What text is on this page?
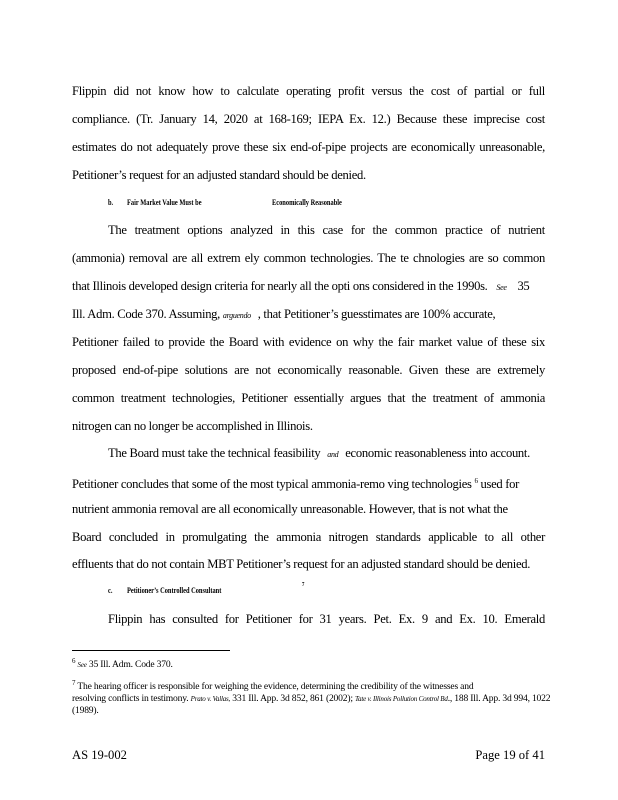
Flippin did not know how to calculate operating profit versus the cost of partial or full
compliance. (Tr. January 14, 2020 at 168-169; IEPA Ex. 12.) Because these imprecise cost
estimates do not adequately prove these six end-of-pipe projects are economically unreasonable,
Petitioner’s request for an adjusted standard should be denied.
b. Fair Market Value Must be	Economically Reasonable
The treatment options analyzed in this case for the common practice of nutrient
(ammonia) removal are all extrem ely common technologies. The te chnologies are so common
that Illinois developed design criteria for nearly all the opti ons considered in the 1990s. See 35
Ill. Adm. Code 370. Assuming, arguendo , that Petitioner’s guesstimates are 100% accurate,
Petitioner failed to provide the Board with evidence on why the fair market value of these six
proposed end-of-pipe solutions are not economically reasonable. Given these are extremely
common treatment technologies, Petitioner essentially argues that the treatment of ammonia
nitrogen can no longer be accomplished in Illinois.
The Board must take the technical feasibility and economic reasonableness into account.
Petitioner concludes that some of the most typical ammonia-remo ving technologies $^6$ used for
nutrient ammonia removal are all economically unreasonable. However, that is not what the
Board concluded in promulgating the ammonia nitrogen standards applicable to all other
effluents that do not contain MBT Petitioner’s request for an adjusted standard should be denied.
c. Petitioner’s Controlled Consultant
7
Flippin has consulted for Petitioner for 31 years. Pet. Ex. 9 and Ex. 10. Emerald
$^6$ See 35 Ill. Adm. Code 370.
$^7$ The hearing officer is responsible for weighing the evidence, determining the credibility of the witnesses and
resolving conflicts in testimony. Prato v. Vallas, 331 Ill. App. 3d 852, 861 (2002); Tate v. Illinois Pollution Control Bd., 188 Ill. App. 3d 994, 1022 (1989).
AS 19-002	Page 19 of 41
